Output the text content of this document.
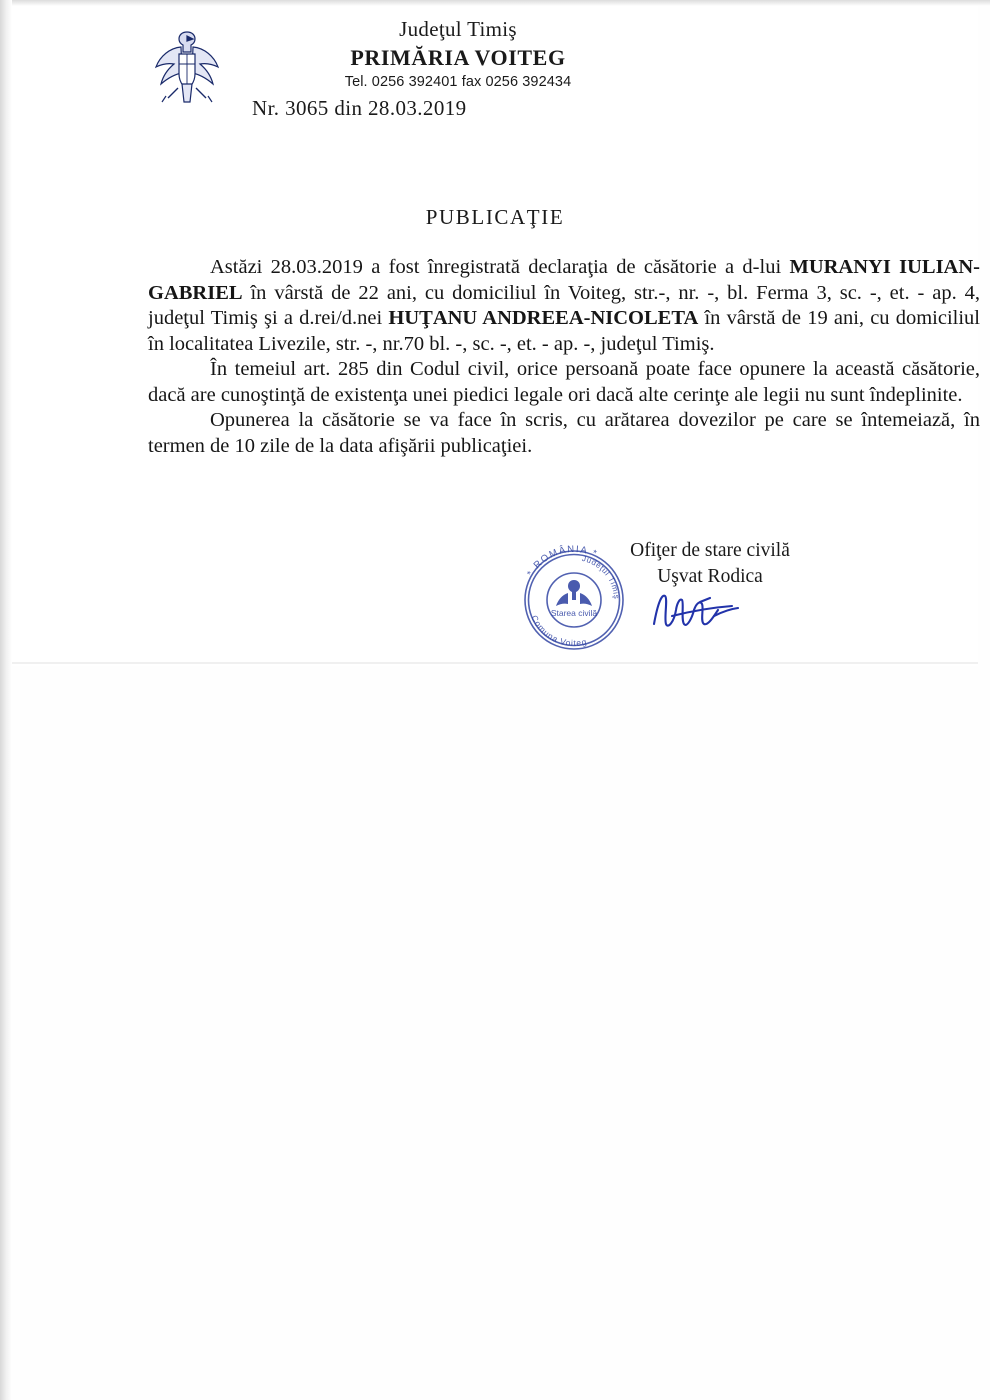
Judeţul Timiş
PRIMĂRIA VOITEG
Tel. 0256 392401 fax 0256 392434
Nr. 3065 din 28.03.2019
PUBLICAŢIE

Astăzi 28.03.2019 a fost înregistrată declaraţia de căsătorie a d-lui MURANYI IULIAN-GABRIEL în vârstă de 22 ani, cu domiciliul în Voiteg, str.-, nr. -, bl. Ferma 3, sc. -, et. - ap. 4, judeţul Timiş şi a d.rei/d.nei HUŢANU ANDREEA-NICOLETA în vârstă de 19 ani, cu domiciliul în localitatea Livezile, str. -, nr.70 bl. -, sc. -, et. - ap. -, judeţul Timiş.

În temeiul art. 285 din Codul civil, orice persoană poate face opunere la această căsătorie, dacă are cunoştinţă de existenţa unei piedici legale ori dacă alte cerinţe ale legii nu sunt îndeplinite.

Opunerea la căsătorie se va face în scris, cu arătarea dovezilor pe care se întemeiază, în termen de 10 zile de la data afişării publicaţiei.

Ofiţer de stare civilă
Uşvat Rodica
* ROMÂNIA *
Comuna Voiteg
Judeţul Timiş
Starea civilă
